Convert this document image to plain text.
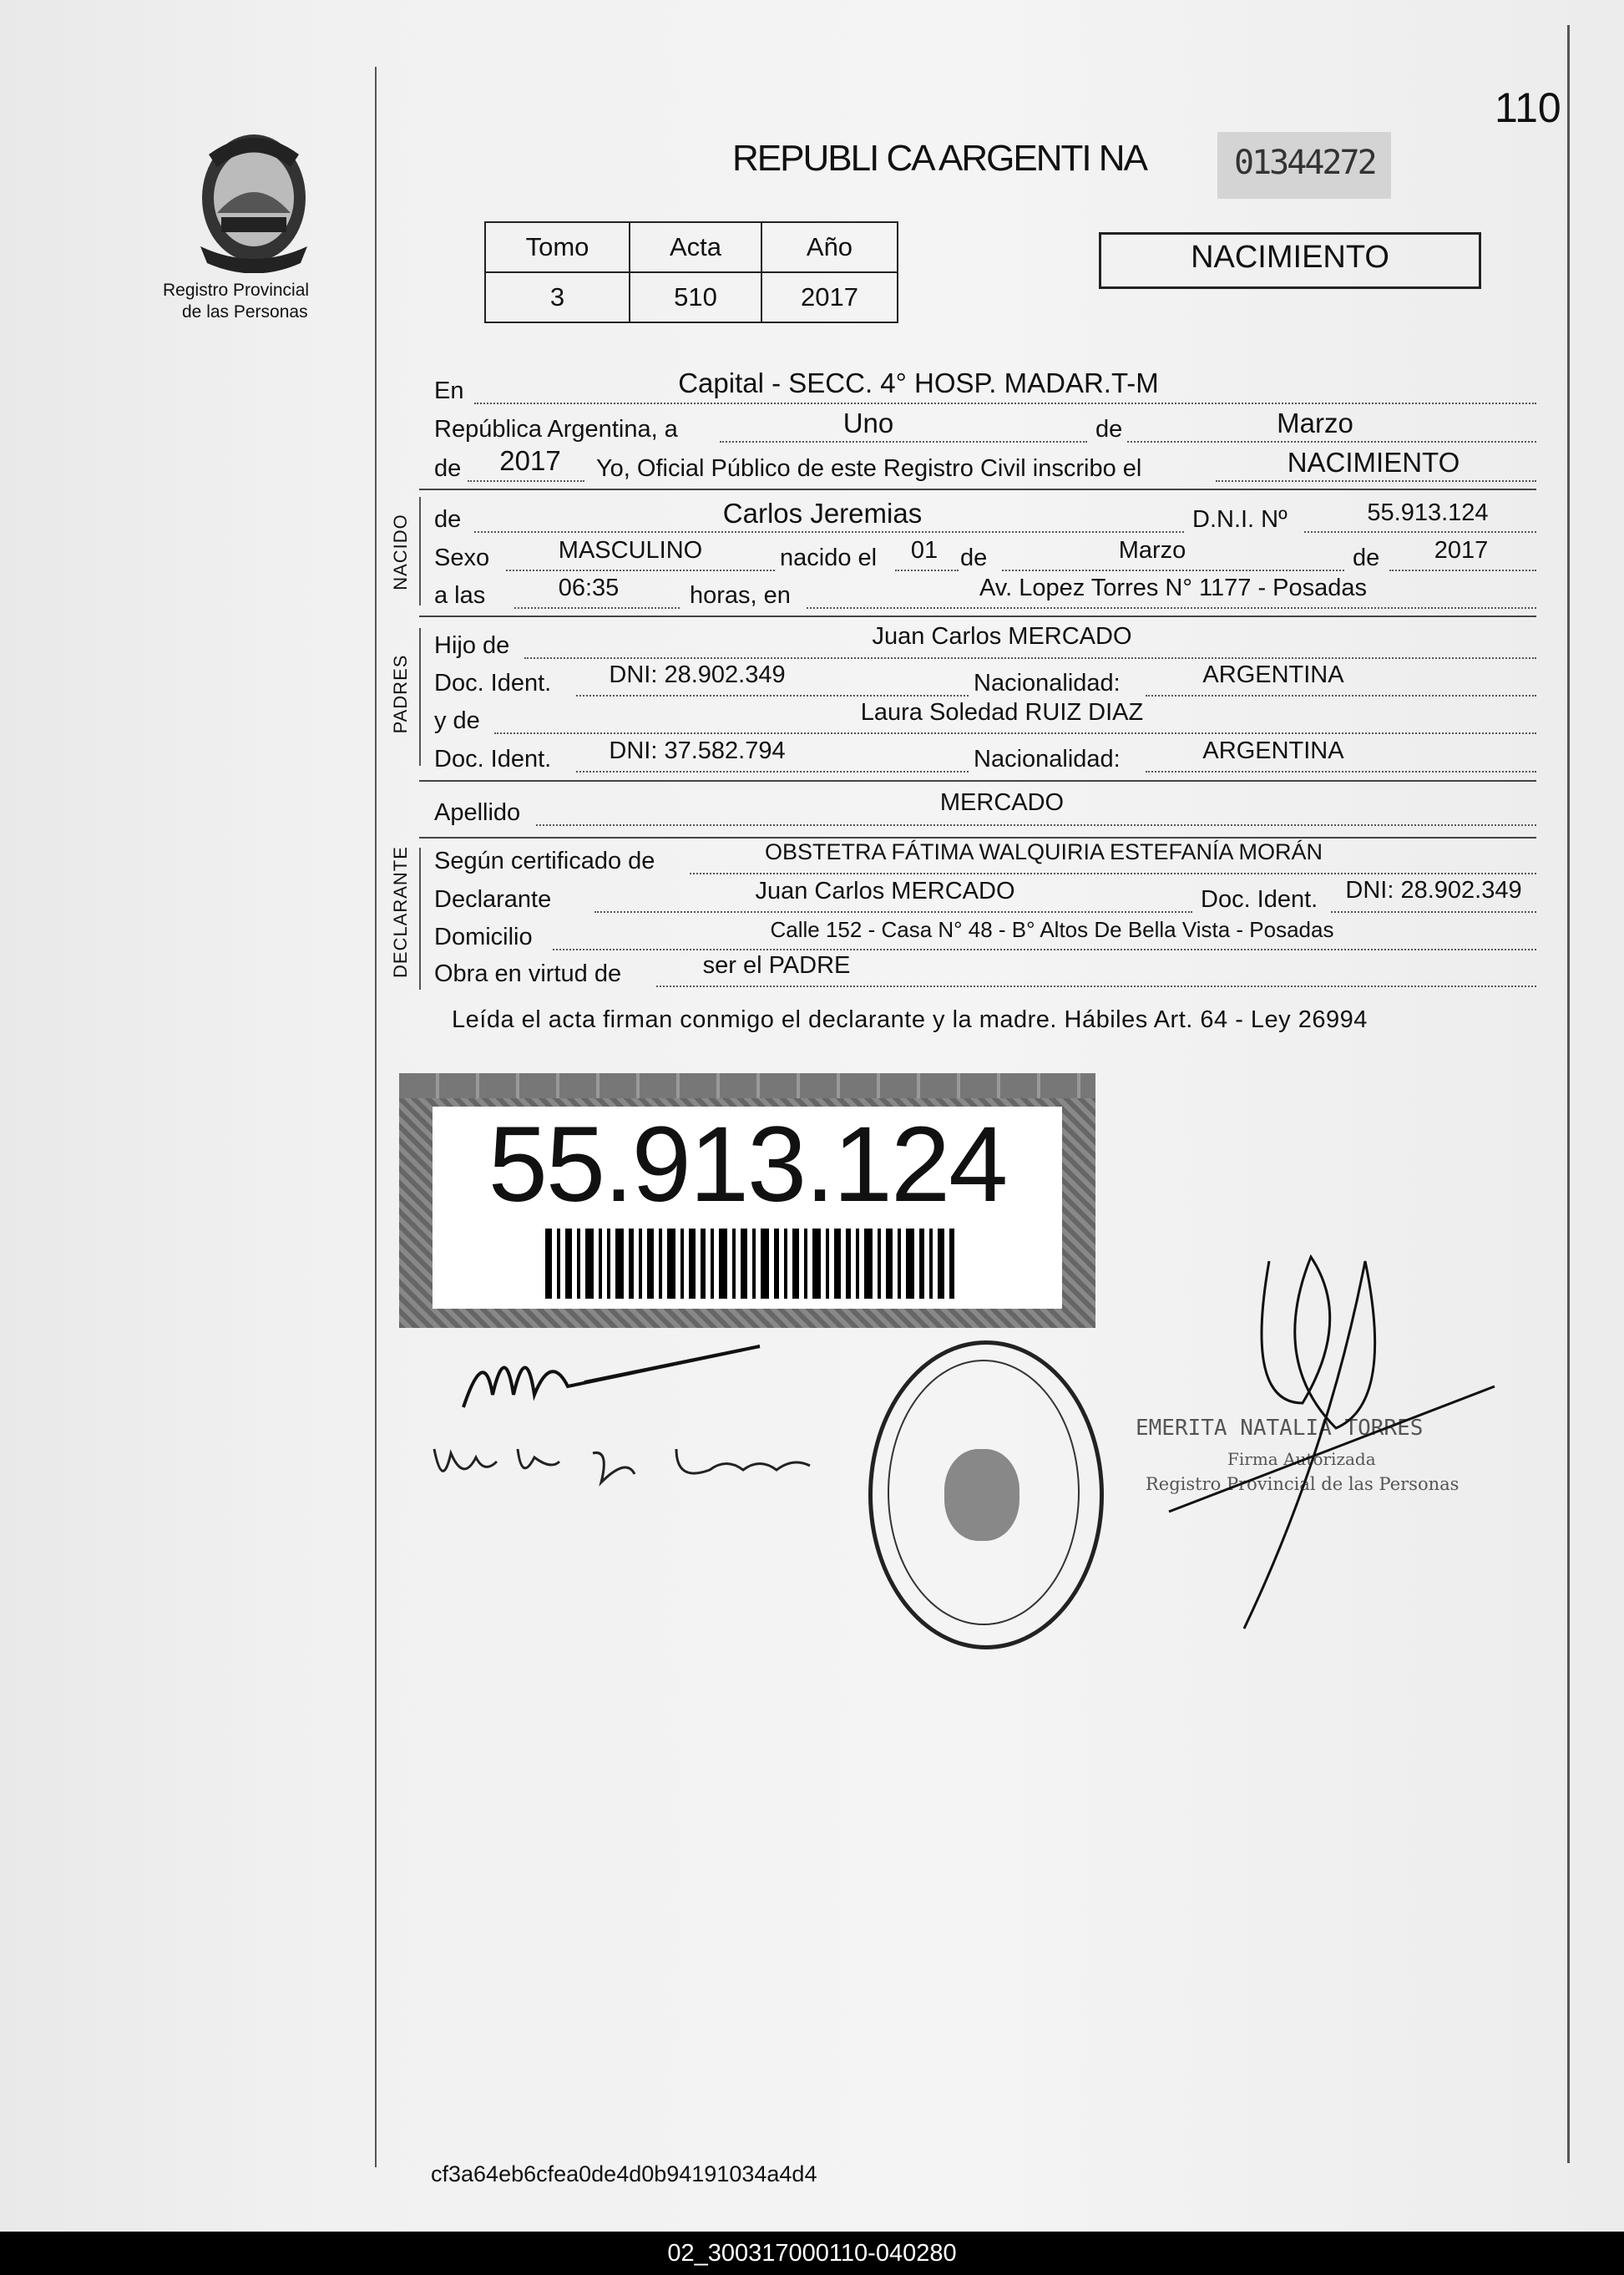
Registro Provincial
de las Personas
110
REPUBLI CA ARGENTI NA	01344272
Tomo	Acta	Año
3	510	2017
NACIMIENTO
En	Capital - SECC. 4° HOSP. MADAR.T-M
República Argentina, a	Uno	de	Marzo
de	2017	Yo, Oficial Público de este Registro Civil inscribo el	NACIMIENTO
NACIDO de	Carlos Jeremias	D.N.I. Nº	55.913.124
Sexo	MASCULINO	nacido el	01 de	Marzo	de	2017
a las	06:35	horas, en	Av. Lopez Torres N° 1177 - Posadas
PADRES
Hijo de	Juan Carlos MERCADO
Doc. Ident.	DNI: 28.902.349	Nacionalidad:	ARGENTINA
y de	Laura Soledad RUIZ DIAZ
Doc. Ident.	DNI: 37.582.794	Nacionalidad:	ARGENTINA
Apellido	MERCADO
DECLARANTE Según certificado de	OBSTETRA FÁTIMA WALQUIRIA ESTEFANÍA MORÁN
Declarante	Juan Carlos MERCADO	Doc. Ident.	DNI: 28.902.349
Domicilio	Calle 152 - Casa N° 48 - B° Altos De Bella Vista - Posadas
Obra en virtud de	ser el PADRE
Leída el acta firman conmigo el declarante y la madre. Hábiles Art. 64 - Ley 26994
55.913.124
EMERITA NATALIA TORRES
Firma Autorizada
Registro Provincial de las Personas
cf3a64eb6cfea0de4d0b94191034a4d4
02_300317000110-040280
